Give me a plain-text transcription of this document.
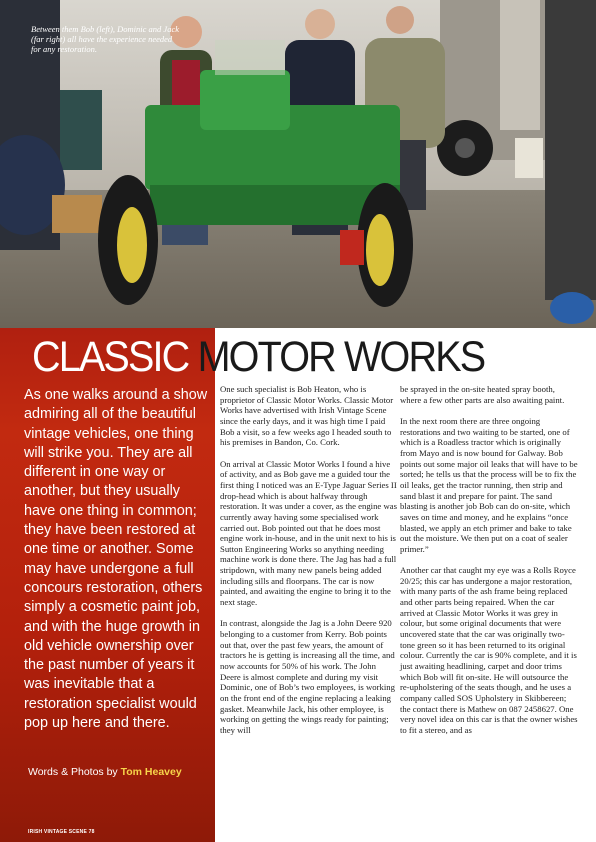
Between them Bob (left), Dominic and Jack (far right) all have the experience needed for any restoration.
CLASSIC MOTOR WORKS
As one walks around a show admiring all of the beautiful vintage vehicles, one thing will strike you. They are all different in one way or another, but they usually have one thing in common; they have been restored at one time or another. Some may have undergone a full concours restoration, others simply a cosmetic paint job, and with the huge growth in old vehicle ownership over the past number of years it was inevitable that a restoration specialist would pop up here and there.
Words & Photos by Tom Heavey
IRISH VINTAGE SCENE 78

One such specialist is Bob Heaton, who is proprietor of Classic Motor Works. Classic Motor Works have advertised with Irish Vintage Scene since the early days, and it was high time I paid Bob a visit, so a few weeks ago I headed south to his premises in Bandon, Co. Cork.

On arrival at Classic Motor Works I found a hive of activity, and as Bob gave me a guided tour the first thing I noticed was an E-Type Jaguar Series II drop-head which is about halfway through restoration. It was under a cover, as the engine was currently away having some specialised work carried out. Bob pointed out that he does most engine work in-house, and in the unit next to his is Sutton Engineering Works so anything needing machine work is done there. The Jag has had a full stripdown, with many new panels being added including sills and floorpans. The car is now painted, and awaiting the engine to bring it to the next stage.

In contrast, alongside the Jag is a John Deere 920 belonging to a customer from Kerry. Bob points out that, over the past few years, the amount of tractors he is getting is increasing all the time, and now accounts for 50% of his work. The John Deere is almost complete and during my visit Dominic, one of Bob’s two employees, is working on the front end of the engine replacing a leaking gasket. Meanwhile Jack, his other employee, is working on getting the wings ready for painting; they will

be sprayed in the on-site heated spray booth, where a few other parts are also awaiting paint.

In the next room there are three ongoing restorations and two waiting to be started, one of which is a Roadless tractor which is originally from Mayo and is now bound for Galway. Bob points out some major oil leaks that will have to be sorted; he tells us that the process will be to fix the oil leaks, get the tractor running, then strip and sand blast it and prepare for paint. The sand blasting is another job Bob can do on-site, which saves on time and money, and he explains “once blasted, we apply an etch primer and bake to take out the moisture. We then put on a coat of sealer primer.”

Another car that caught my eye was a Rolls Royce 20/25; this car has undergone a major restoration, with many parts of the ash frame being replaced and other parts being repaired. When the car arrived at Classic Motor Works it was grey in colour, but some original documents that were uncovered state that the car was originally two-tone green so it has been returned to its original colour. Currently the car is 90% complete, and it is just awaiting headlining, carpet and door trims which Bob will fit on-site. He will outsource the re-upholstering of the seats though, and he uses a company called SOS Upholstery in Skibbereen; the contact there is Mathew on 087 2458627. One very novel idea on this car is that the owner wishes to fit a stereo, and as
